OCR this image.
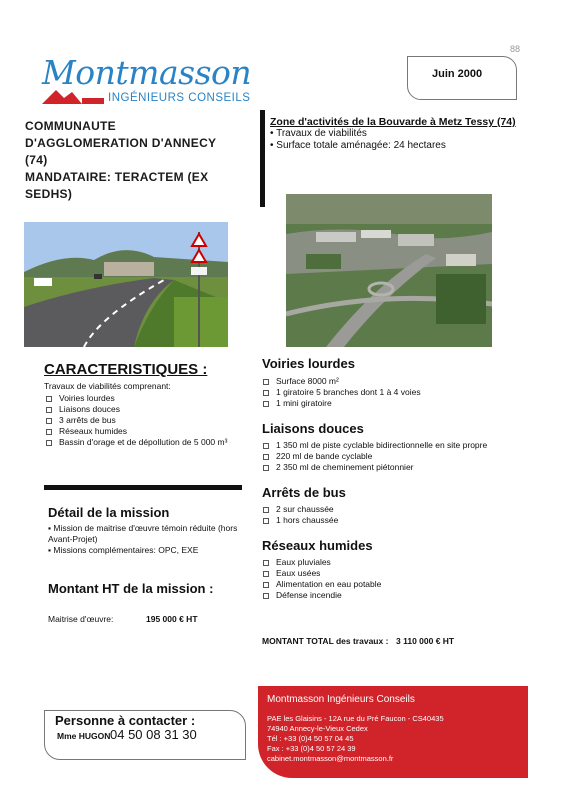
88
Montmasson
INGÉNIEURS CONSEILS
Juin 2000
COMMUNAUTE
D'AGGLOMERATION D'ANNECY
(74)
MANDATAIRE: TERACTEM (EX
SEDHS)
Zone d'activités de la Bouvarde à Metz Tessy (74)
• Travaux de viabilités
• Surface totale aménagée: 24 hectares
CARACTERISTIQUES :
Travaux de viabilités comprenant:
Voiries lourdes
Liaisons douces
3 arrêts de bus
Réseaux humides
Bassin d'orage et de dépollution de 5 000 m³
Détail de la mission
▪ Mission de maitrise d'œuvre témoin réduite (hors Avant-Projet)
▪ Missions complémentaires: OPC, EXE
Montant HT de la mission :
Maitrise d'œuvre:	195 000 € HT
Personne à contacter :
Mme HUGON 04 50 08 31 30
Voiries lourdes
Surface 8000 m²
1 giratoire 5 branches dont 1 à 4 voies
1 mini giratoire
Liaisons douces
1 350 ml de piste cyclable bidirectionnelle en site propre
220 ml de bande cyclable
2 350 ml de cheminement piétonnier
Arrêts de bus
2 sur chaussée
1 hors chaussée
Réseaux humides
Eaux pluviales
Eaux usées
Alimentation en eau potable
Défense incendie
MONTANT TOTAL des travaux : 3 110 000 € HT
Montmasson Ingénieurs Conseils
PAE les Glaisins - 12A rue du Pré Faucon - CS40435
74940 Annecy-le-Vieux Cedex
Tél : +33 (0)4 50 57 04 45
Fax : +33 (0)4 50 57 24 39
cabinet.montmasson@montmasson.fr
